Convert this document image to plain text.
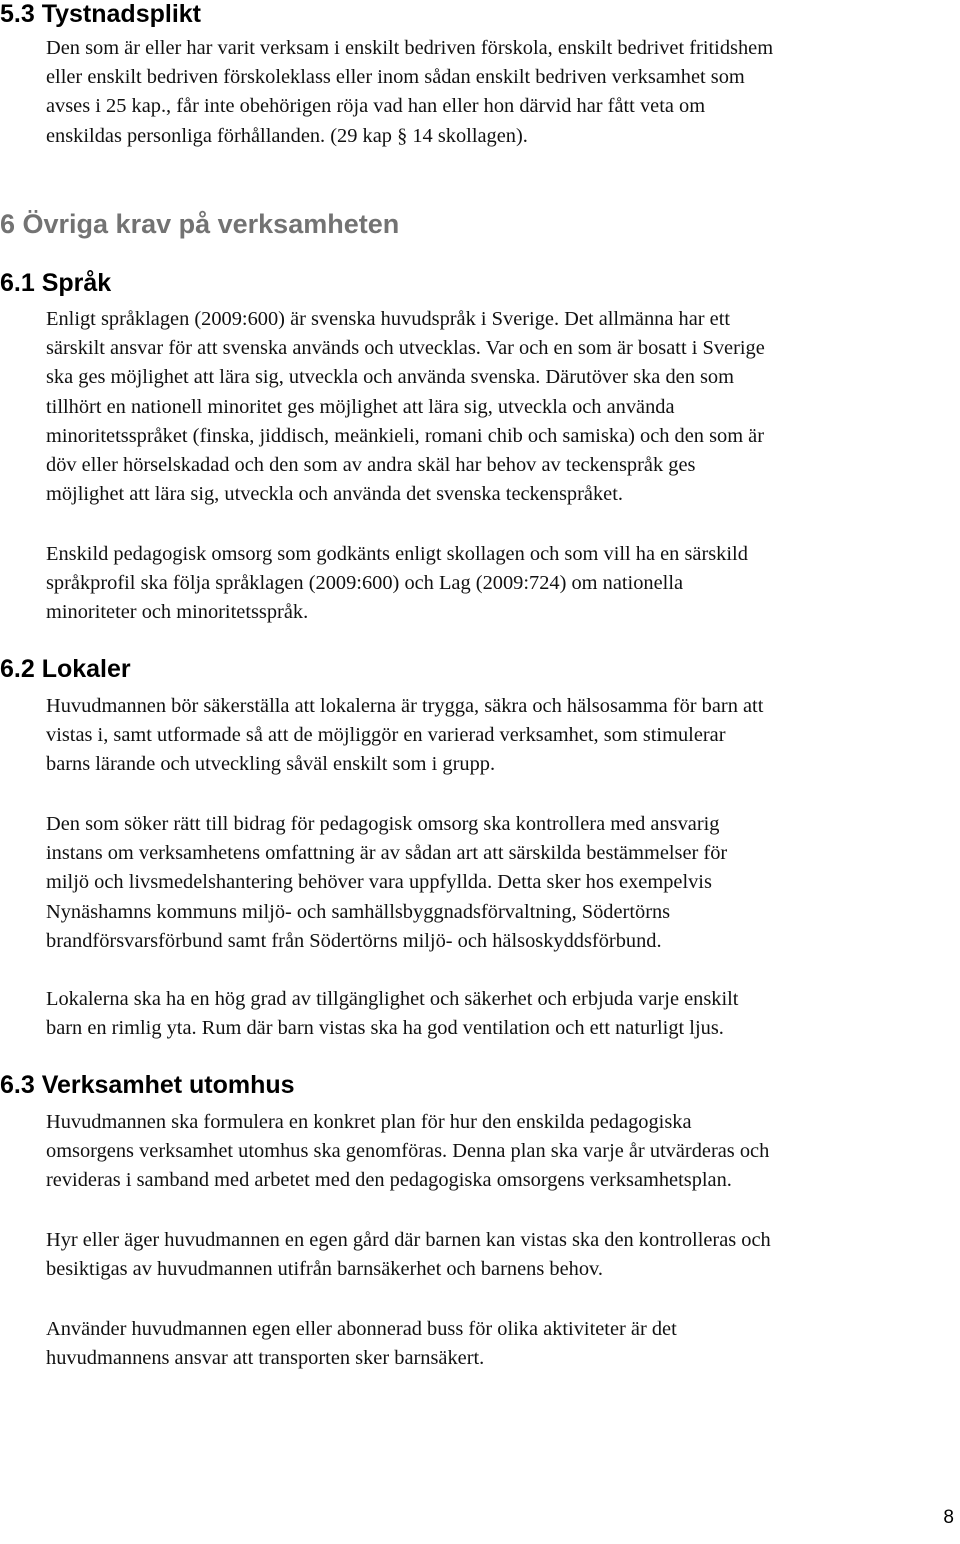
5.3 Tystnadsplikt

Den som är eller har varit verksam i enskilt bedriven förskola, enskilt bedrivet fritidshem
eller enskilt bedriven förskoleklass eller inom sådan enskilt bedriven verksamhet som
avses i 25 kap., får inte obehörigen röja vad han eller hon därvid har fått veta om
enskildas personliga förhållanden. (29 kap § 14 skollagen).

6 Övriga krav på verksamheten
6.1 Språk

Enligt språklagen (2009:600) är svenska huvudspråk i Sverige. Det allmänna har ett
särskilt ansvar för att svenska används och utvecklas. Var och en som är bosatt i Sverige
ska ges möjlighet att lära sig, utveckla och använda svenska. Därutöver ska den som
tillhört en nationell minoritet ges möjlighet att lära sig, utveckla och använda
minoritetsspråket (finska, jiddisch, meänkieli, romani chib och samiska) och den som är
döv eller hörselskadad och den som av andra skäl har behov av teckenspråk ges
möjlighet att lära sig, utveckla och använda det svenska teckenspråket.

Enskild pedagogisk omsorg som godkänts enligt skollagen och som vill ha en särskild
språkprofil ska följa språklagen (2009:600) och Lag (2009:724) om nationella
minoriteter och minoritetsspråk.

6.2 Lokaler

Huvudmannen bör säkerställa att lokalerna är trygga, säkra och hälsosamma för barn att
vistas i, samt utformade så att de möjliggör en varierad verksamhet, som stimulerar
barns lärande och utveckling såväl enskilt som i grupp.

Den som söker rätt till bidrag för pedagogisk omsorg ska kontrollera med ansvarig
instans om verksamhetens omfattning är av sådan art att särskilda bestämmelser för
miljö och livsmedelshantering behöver vara uppfyllda. Detta sker hos exempelvis
Nynäshamns kommuns miljö- och samhällsbyggnadsförvaltning, Södertörns
brandförsvarsförbund samt från Södertörns miljö- och hälsoskyddsförbund.

Lokalerna ska ha en hög grad av tillgänglighet och säkerhet och erbjuda varje enskilt
barn en rimlig yta. Rum där barn vistas ska ha god ventilation och ett naturligt ljus.

6.3 Verksamhet utomhus

Huvudmannen ska formulera en konkret plan för hur den enskilda pedagogiska
omsorgens verksamhet utomhus ska genomföras. Denna plan ska varje år utvärderas och
revideras i samband med arbetet med den pedagogiska omsorgens verksamhetsplan.

Hyr eller äger huvudmannen en egen gård där barnen kan vistas ska den kontrolleras och
besiktigas av huvudmannen utifrån barnsäkerhet och barnens behov.

Använder huvudmannen egen eller abonnerad buss för olika aktiviteter är det
huvudmannens ansvar att transporten sker barnsäkert.

8
